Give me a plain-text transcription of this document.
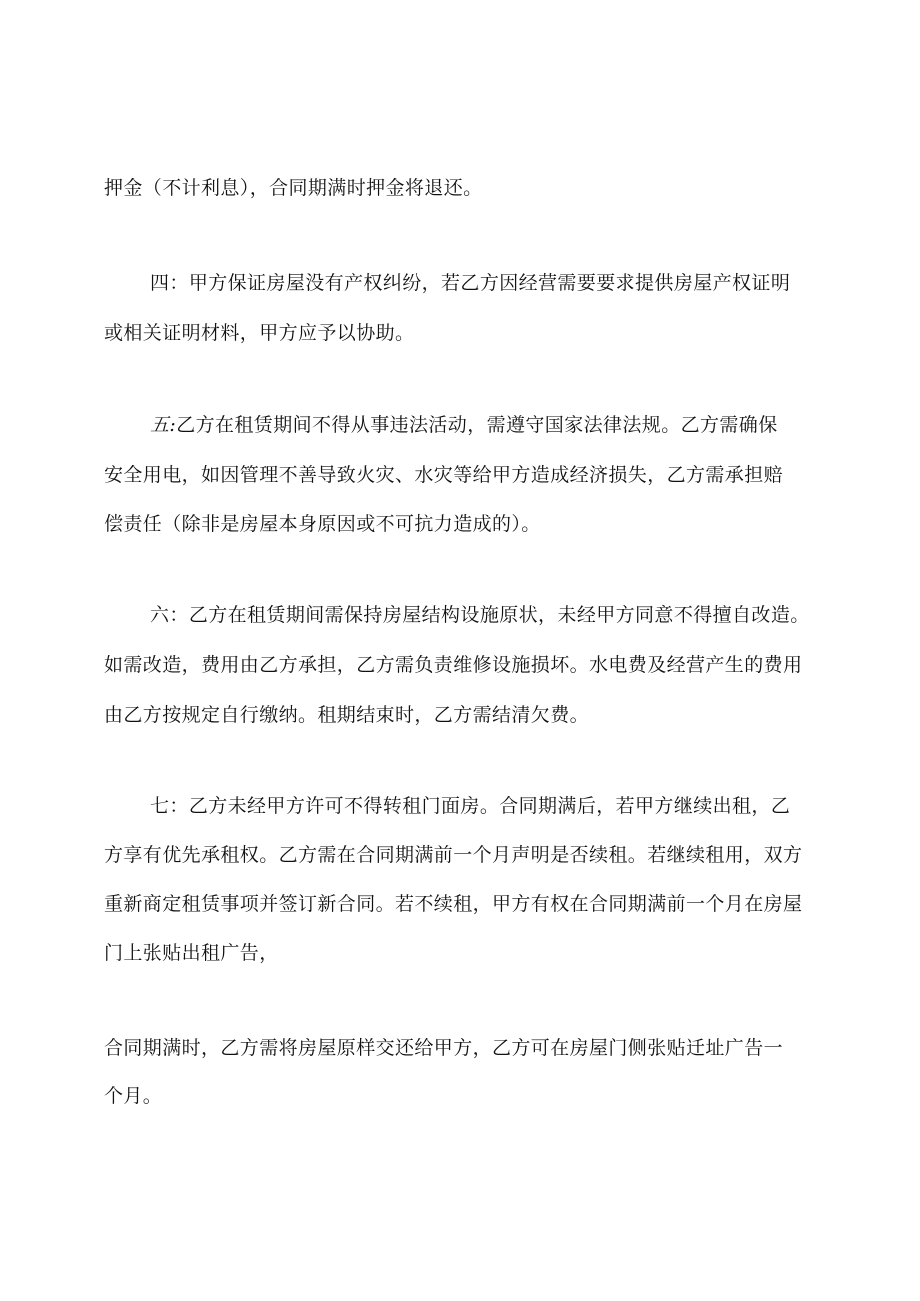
押金（不计利息），合同期满时押金将退还。
四：甲方保证房屋没有产权纠纷，若乙方因经营需要要求提供房屋产权证明
或相关证明材料，甲方应予以协助。
五:乙方在租赁期间不得从事违法活动，需遵守国家法律法规。乙方需确保
安全用电，如因管理不善导致火灾、水灾等给甲方造成经济损失，乙方需承担赔
偿责任（除非是房屋本身原因或不可抗力造成的）。
六：乙方在租赁期间需保持房屋结构设施原状，未经甲方同意不得擅自改造。
如需改造，费用由乙方承担，乙方需负责维修设施损坏。水电费及经营产生的费用
由乙方按规定自行缴纳。租期结束时，乙方需结清欠费。
七：乙方未经甲方许可不得转租门面房。合同期满后，若甲方继续出租，乙
方享有优先承租权。乙方需在合同期满前一个月声明是否续租。若继续租用，双方
重新商定租赁事项并签订新合同。若不续租，甲方有权在合同期满前一个月在房屋
门上张贴出租广告，
合同期满时，乙方需将房屋原样交还给甲方，乙方可在房屋门侧张贴迁址广告一
个月。
